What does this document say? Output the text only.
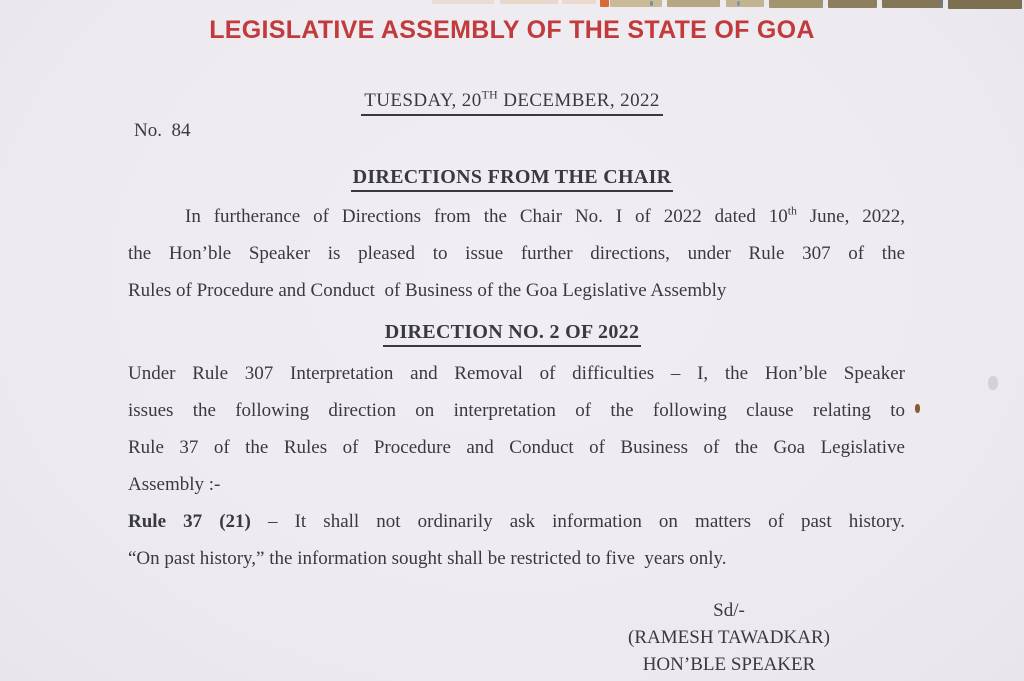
LEGISLATIVE ASSEMBLY OF THE STATE OF GOA
TUESDAY, 20TH DECEMBER, 2022
No.  84
DIRECTIONS FROM THE CHAIR
In furtherance of Directions from the Chair No. I of 2022 dated 10th June, 2022,
the Hon’ble Speaker is pleased to issue further directions, under Rule 307 of the
Rules of Procedure and Conduct  of Business of the Goa Legislative Assembly
DIRECTION NO. 2 OF 2022
Under Rule 307 Interpretation and Removal of difficulties – I, the Hon’ble Speaker
issues the following direction on interpretation of the following clause relating to
Rule 37 of the Rules of Procedure and Conduct of Business of the Goa Legislative
Assembly :-
Rule 37 (21) – It shall not ordinarily ask information on matters of past history.
“On past history,” the information sought shall be restricted to five  years only.
Sd/-
(RAMESH TAWADKAR)
HON’BLE SPEAKER
